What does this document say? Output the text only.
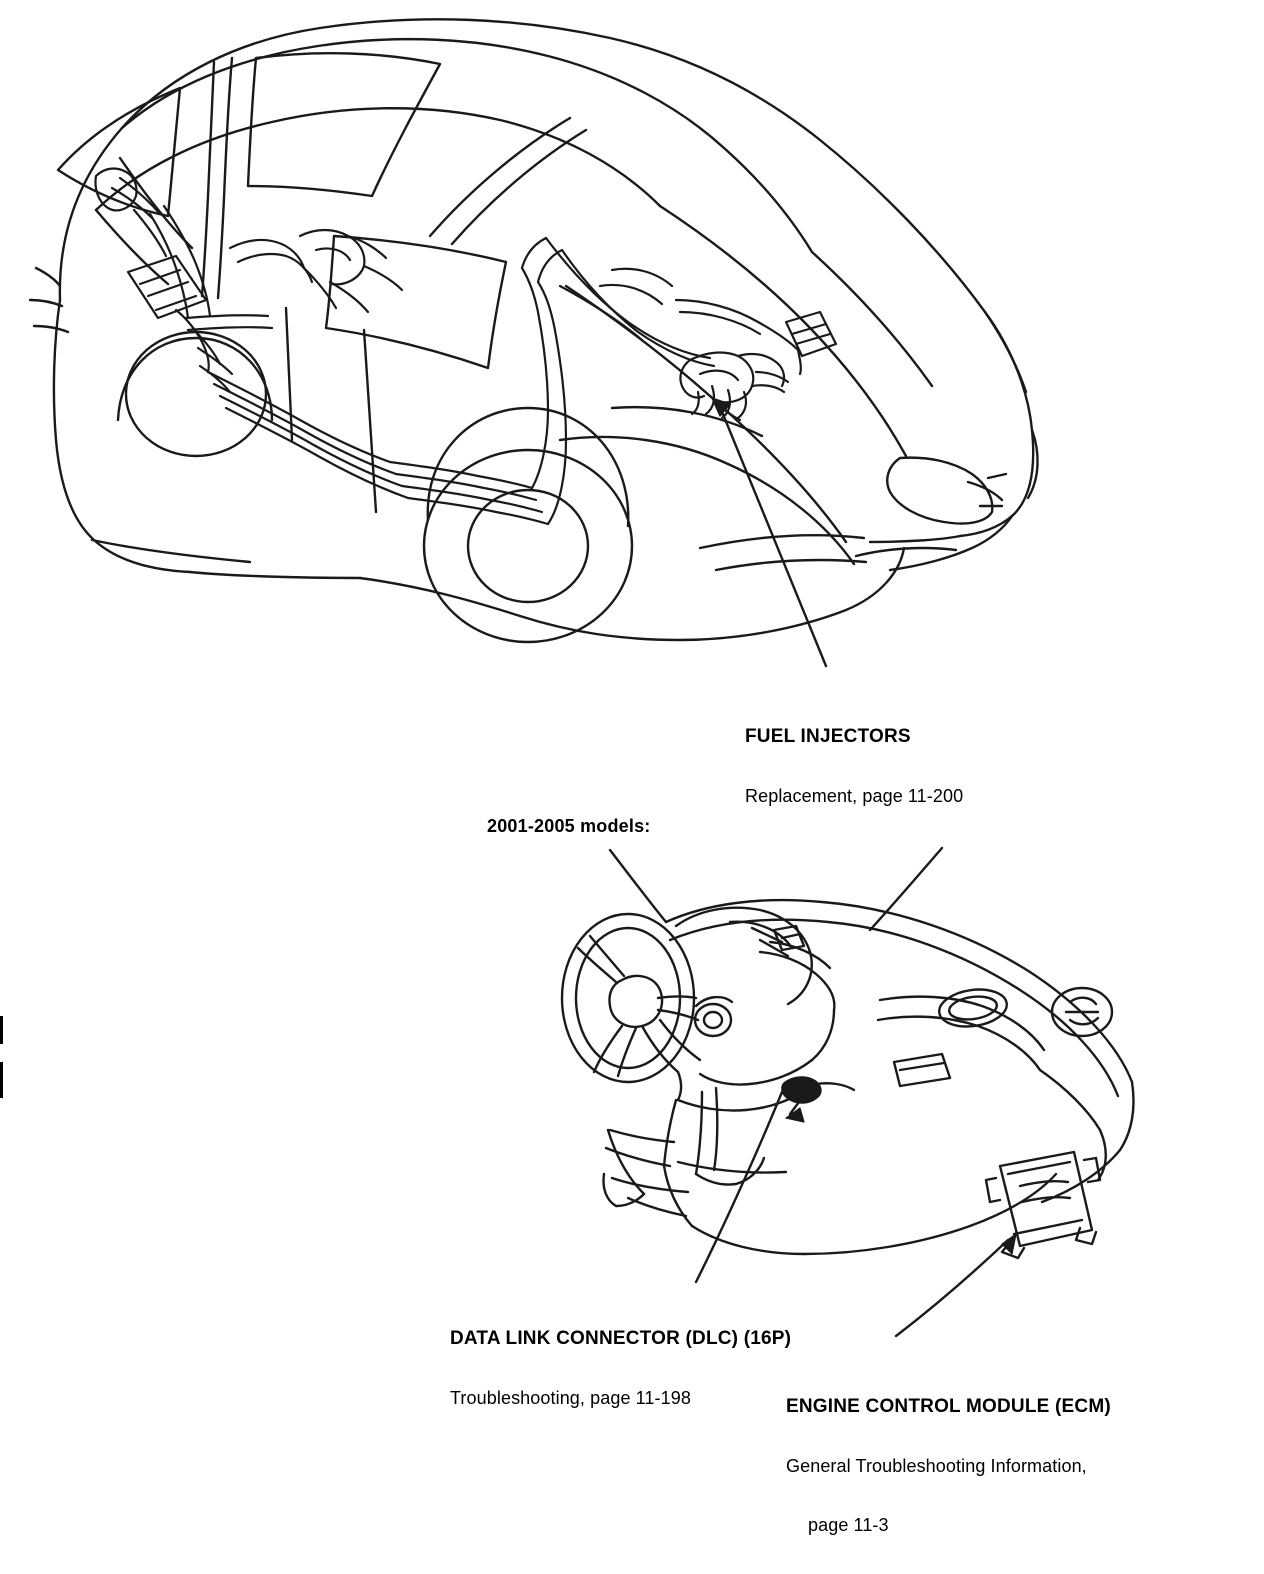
FUEL INJECTORS

Replacement, page 11-200

2001-2005 models:

DATA LINK CONNECTOR (DLC) (16P)

Troubleshooting, page 11-198

	ENGINE CONTROL MODULE (ECM)

General Troubleshooting Information,

page 11-3
